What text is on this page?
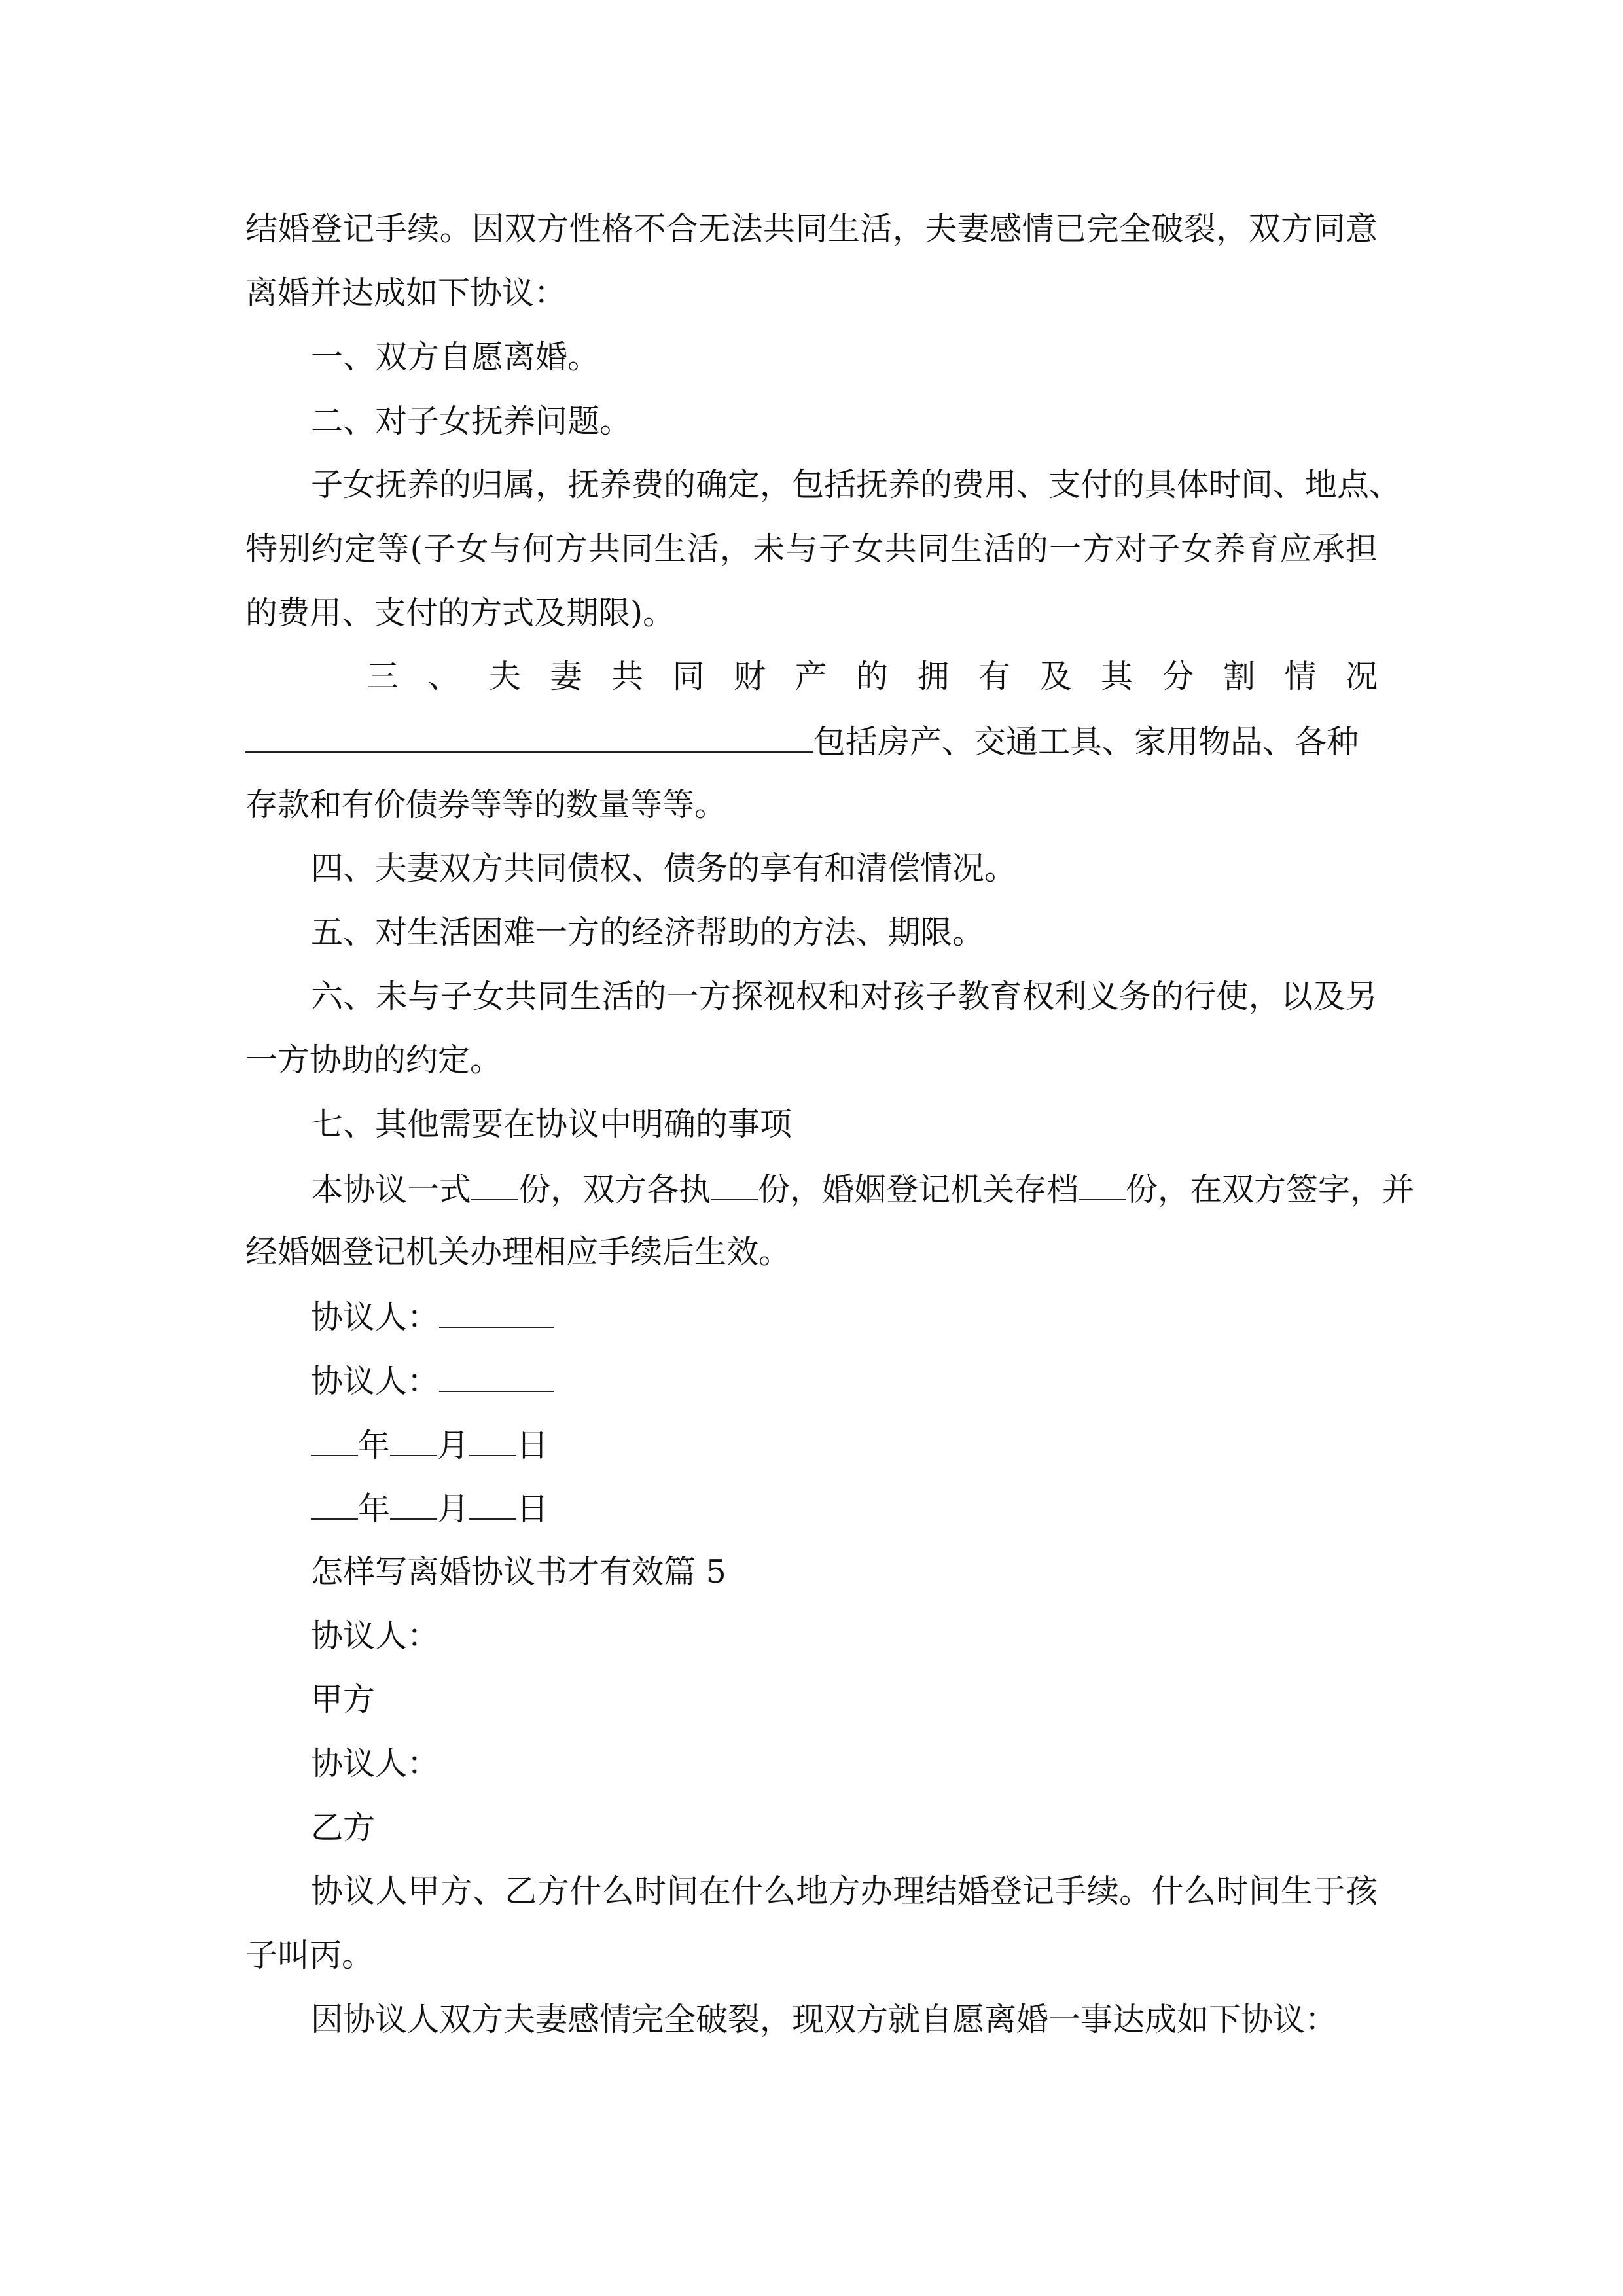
结婚登记手续。因双方性格不合无法共同生活，夫妻感情已完全破裂，双方同意
离婚并达成如下协议：
一、双方自愿离婚。
二、对子女抚养问题。
子女抚养的归属，抚养费的确定，包括抚养的费用、支付的具体时间、地点、
特别约定等(子女与何方共同生活，未与子女共同生活的一方对子女养育应承担
的费用、支付的方式及期限)。
三、夫妻共同财产的拥有及其分割情况
包括房产、交通工具、家用物品、各种
存款和有价债券等等的数量等等。
四、夫妻双方共同债权、债务的享有和清偿情况。
五、对生活困难一方的经济帮助的方法、期限。
六、未与子女共同生活的一方探视权和对孩子教育权利义务的行使，以及另
一方协助的约定。
七、其他需要在协议中明确的事项
本协议一式 份，双方各执 份，婚姻登记机关存档 份，在双方签字，并
经婚姻登记机关办理相应手续后生效。
协议人：
协议人：
年 月 日
年 月 日
怎样写离婚协议书才有效篇 5
协议人：
甲方
协议人：
乙方
协议人甲方、乙方什么时间在什么地方办理结婚登记手续。什么时间生于孩
子叫丙。
因协议人双方夫妻感情完全破裂，现双方就自愿离婚一事达成如下协议：
